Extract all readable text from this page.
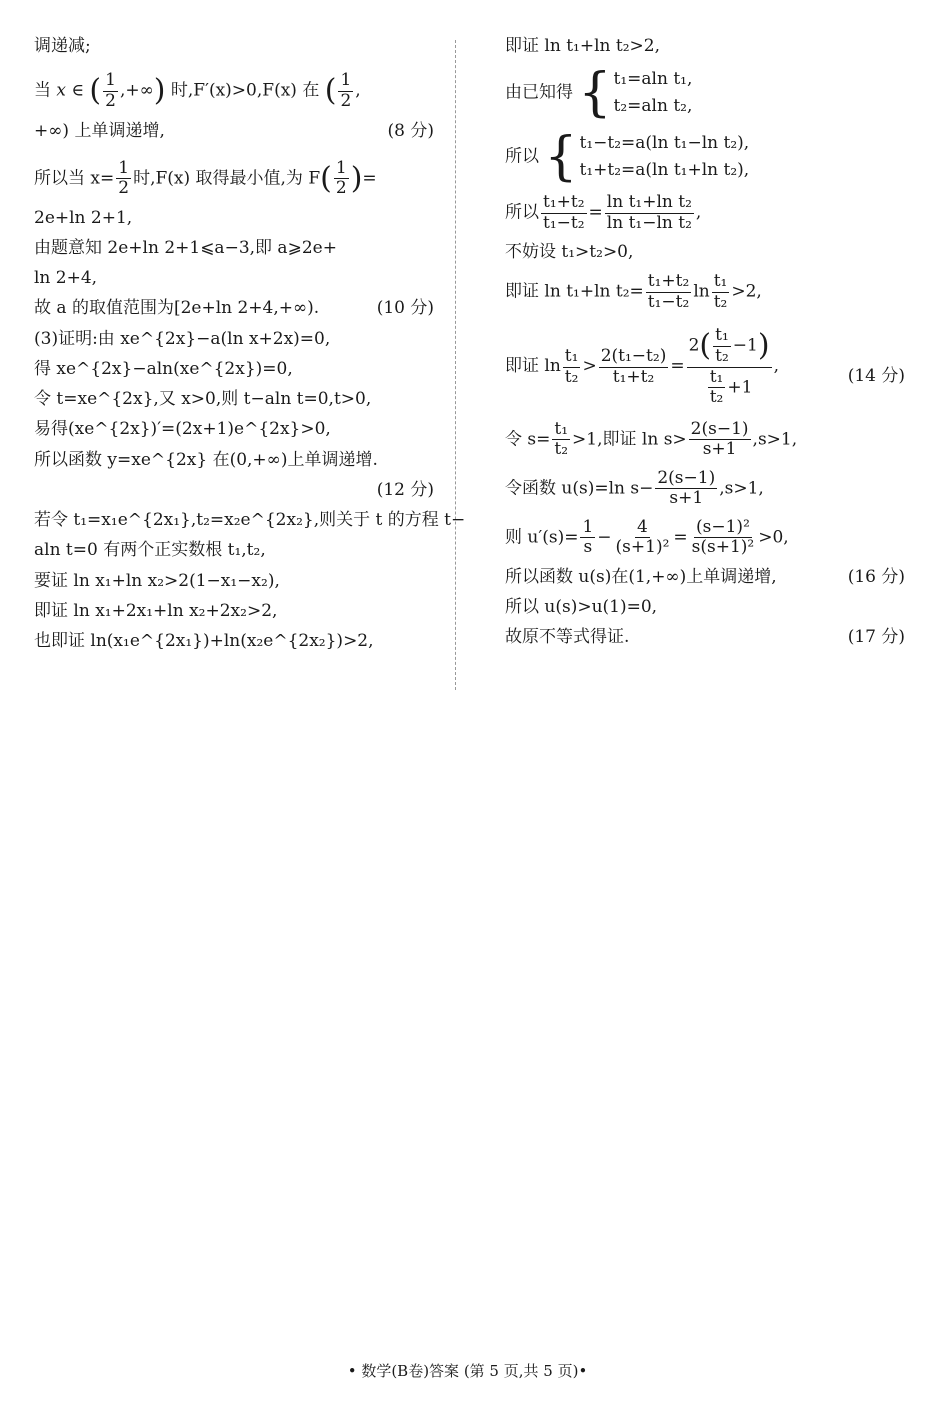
调递减;
当 x ∈ ( $\frac{1}{2}$ ,+∞) 时,F′(x)>0,F(x) 在 ( $\frac{1}{2}$ ,
+∞) 上单调递增,	(8 分)
所以当 $x= \frac{1}{2}$ 时,F(x) 取得最小值,为 $F( \frac{1}{2}$ )=
2e+ln 2+1,
由题意知 2e+ln 2+1⩽a−3,即 a⩾2e+
ln 2+4,
故 a 的取值范围为[2e+ln 2+4,+∞).	(10 分)
(3)证明:由 xe^{2x}−a(ln x+2x)=0,
得 xe^{2x}−aln(xe^{2x})=0,
令 t=xe^{2x},又 x>0,则 t−aln t=0,t>0,
易得(xe^{2x})′=(2x+1)e^{2x}>0,
所以函数 y=xe^{2x} 在(0,+∞)上单调递增.
(12 分)
若令 t₁=x₁e^{2x₁},t₂=x₂e^{2x₂},则关于 t 的方程 t−
aln t=0 有两个正实数根 t₁,t₂,
要证 ln x₁+ln x₂>2(1−x₁−x₂),
即证 ln x₁+2x₁+ln x₂+2x₂>2,
也即证 ln(x₁e^{2x₁})+ln(x₂e^{2x₂})>2,
即证 ln t₁+ln t₂>2,
由已知得 { t₁=aln t₁,
t₂=aln t₂,
所以 { t₁−t₂=a(ln t₁−ln t₂),
t₁+t₂=a(ln t₁+ln t₂),
所以 $\frac{\text{t₁+t₂}}{\text{t₁−t₂}} = \frac{\text{ln t₁+ln t₂}}{\text{ln t₁−ln t₂}}$ ,
不妨设 t₁>t₂>0,
即证 ln t₁+ln $t_2= \frac{\text{t₁+t₂}}{\text{t₁−t₂}}$ $\ln \frac{\text{t₁}}{\text{t₂}} >2$,
即证 $\ln \frac{\text{t₁}}{\text{t₂}} > \frac{\text{2(t₁−t₂)}}{\text{t₁+t₂}} = \frac{2( \frac{\text{t₁}}{\text{t₂}} -1)}{\frac{\text{t₁}}{\text{t₂}} +1}$ ,	(14 分)
令 $s= \frac{\text{t₁}}{\text{t₂}} >1$,即证 $\ln s> \frac{2(s-1)}{s+1} ,s>1$,
令函数 u(s)=ln $s- \frac{2(s-1)}{s+1} ,s>1$,
则 $u'(s)= \frac{1}{s} - \frac{4}{\text{(s+1)²}} = \frac{\text{(s−1)²}}{\text{s(s+1)²}} >0$,
所以函数 u(s)在(1,+∞)上单调递增,	(16 分)
所以 u(s)>u(1)=0,
故原不等式得证.	(17 分)
• 数学(B卷)答案 (第 5 页,共 5 页)•
